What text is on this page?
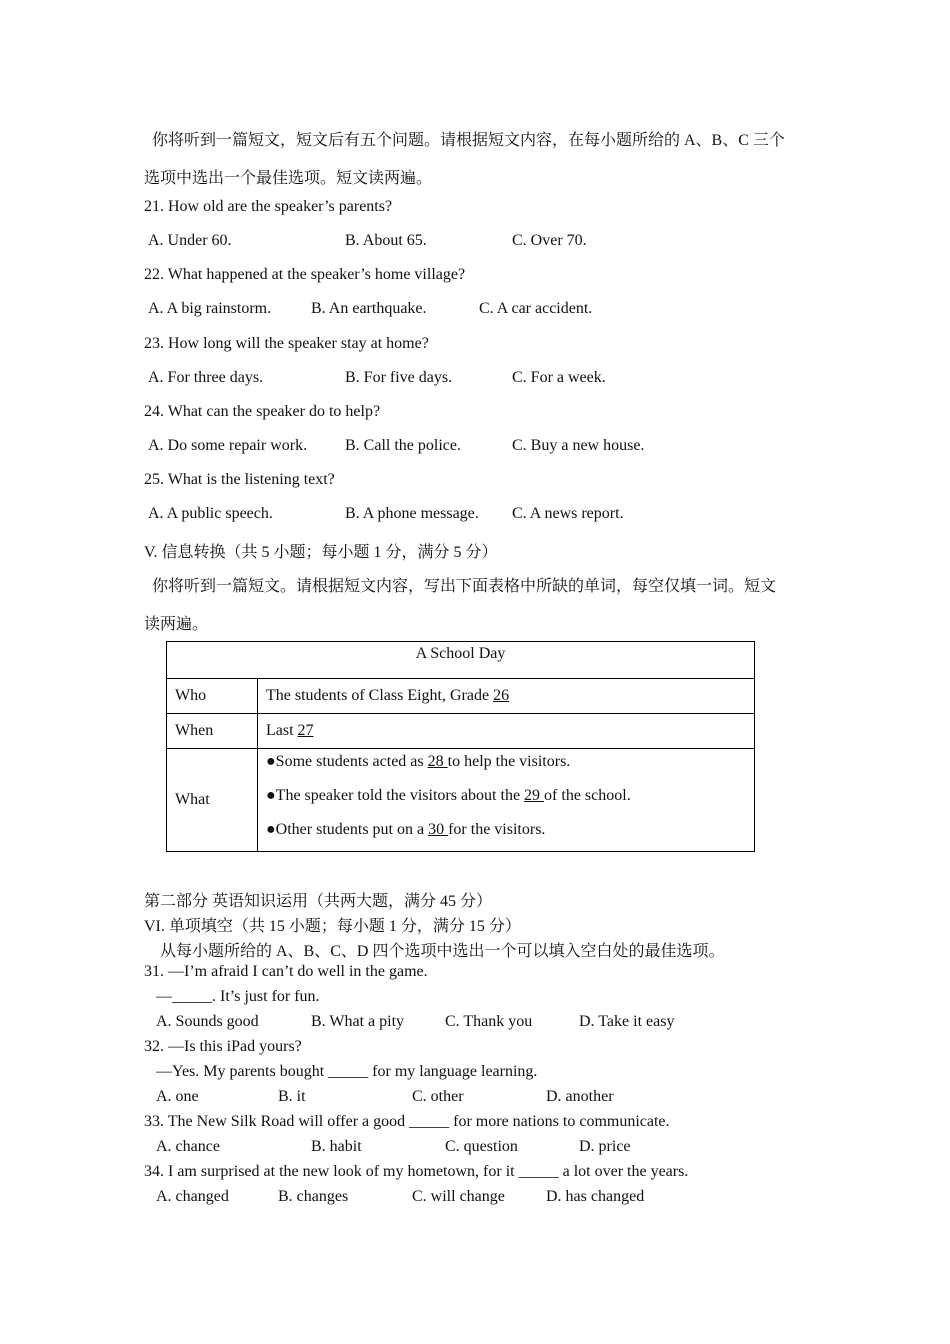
你将听到一篇短文，短文后有五个问题。请根据短文内容，在每小题所给的 A、B、C 三个
选项中选出一个最佳选项。短文读两遍。
21. How old are the speaker’s parents?
A. Under 60.	B. About 65.	C. Over 70.
22. What happened at the speaker’s home village?
A. A big rainstorm. B. An earthquake.	C. A car accident.
23. How long will the speaker stay at home?
A. For three days.	B. For five days.	C. For a week.
24. What can the speaker do to help?
A. Do some repair work. B. Call the police.	C. Buy a new house.
25. What is the listening text?
A. A public speech.	B. A phone message. C. A news report.
V. 信息转换（共 5 小题；每小题 1 分，满分 5 分）
你将听到一篇短文。请根据短文内容，写出下面表格中所缺的单词，每空仅填一词。短文
读两遍。
A School Day	
Who	The students of Class Eight, Grade 26
When	Last 27
What	●Some students acted as 28 to help the visitors.
●The speaker told the visitors about the 29 of the school.
●Other students put on a 30 for the visitors.
第二部分 英语知识运用（共两大题，满分 45 分）
VI. 单项填空（共 15 小题；每小题 1 分，满分 15 分）
从每小题所给的 A、B、C、D 四个选项中选出一个可以填入空白处的最佳选项。
31. —I’m afraid I can’t do well in the game.
—_____. It’s just for fun.
A. Sounds good	B. What a pity	C. Thank you	D. Take it easy
32. —Is this iPad yours?
—Yes. My parents bought _____ for my language learning.
A. one	B. it	C. other	D. another
33. The New Silk Road will offer a good _____ for more nations to communicate.
A. chance	B. habit	C. question	D. price
34. I am surprised at the new look of my hometown, for it _____ a lot over the years.
A. changed	B. changes	C. will change	D. has changed
